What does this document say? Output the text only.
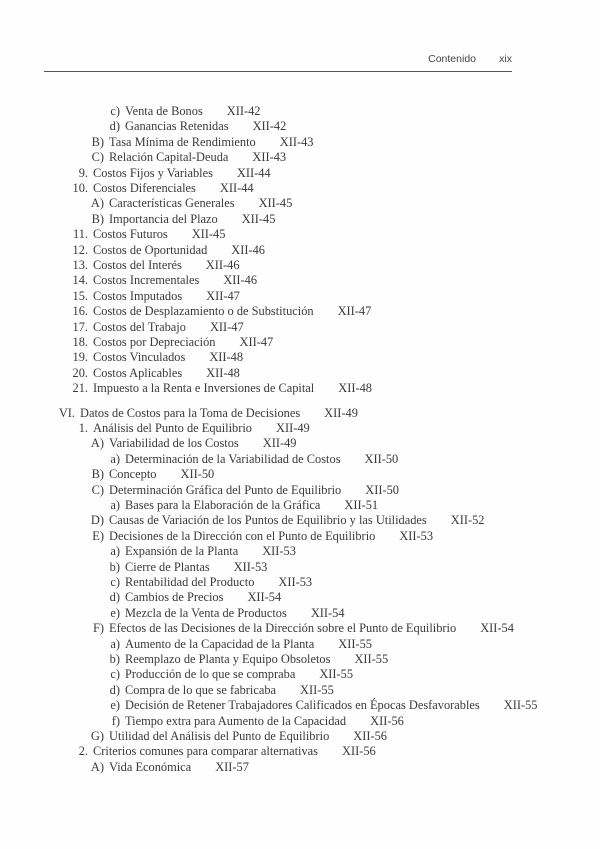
Contenido xix
c) Venta de Bonos XII-42
d) Ganancias Retenidas XII-42
B) Tasa Mínima de Rendimiento XII-43
C) Relación Capital-Deuda XII-43
9. Costos Fijos y Variables XII-44
10. Costos Diferenciales XII-44
A) Características Generales XII-45
B) Importancia del Plazo XII-45
11. Costos Futuros XII-45
12. Costos de Oportunidad XII-46
13. Costos del Interés XII-46
14. Costos Incrementales XII-46
15. Costos Imputados XII-47
16. Costos de Desplazamiento o de Substitución XII-47
17. Costos del Trabajo XII-47
18. Costos por Depreciación XII-47
19. Costos Vinculados XII-48
20. Costos Aplicables XII-48
21. Impuesto a la Renta e Inversiones de Capital XII-48
VI. Datos de Costos para la Toma de Decisiones XII-49
1. Análisis del Punto de Equilibrio XII-49
A) Variabilidad de los Costos XII-49
a) Determinación de la Variabilidad de Costos XII-50
B) Concepto XII-50
C) Determinación Gráfica del Punto de Equilibrio XII-50
a) Bases para la Elaboración de la Gráfica XII-51
D) Causas de Variación de los Puntos de Equilibrio y las Utilidades XII-52
E) Decisiones de la Dirección con el Punto de Equilibrio XII-53
a) Expansión de la Planta XII-53
b) Cierre de Plantas XII-53
c) Rentabilidad del Producto XII-53
d) Cambios de Precios XII-54
e) Mezcla de la Venta de Productos XII-54
F) Efectos de las Decisiones de la Dirección sobre el Punto de Equilibrio XII-54
a) Aumento de la Capacidad de la Planta XII-55
b) Reemplazo de Planta y Equipo Obsoletos XII-55
c) Producción de lo que se compraba XII-55
d) Compra de lo que se fabricaba XII-55
e) Decisión de Retener Trabajadores Calificados en Épocas Desfavorables XII-55
f) Tiempo extra para Aumento de la Capacidad XII-56
G) Utilidad del Análisis del Punto de Equilibrio XII-56
2. Criterios comunes para comparar alternativas XII-56
A) Vida Económica XII-57
